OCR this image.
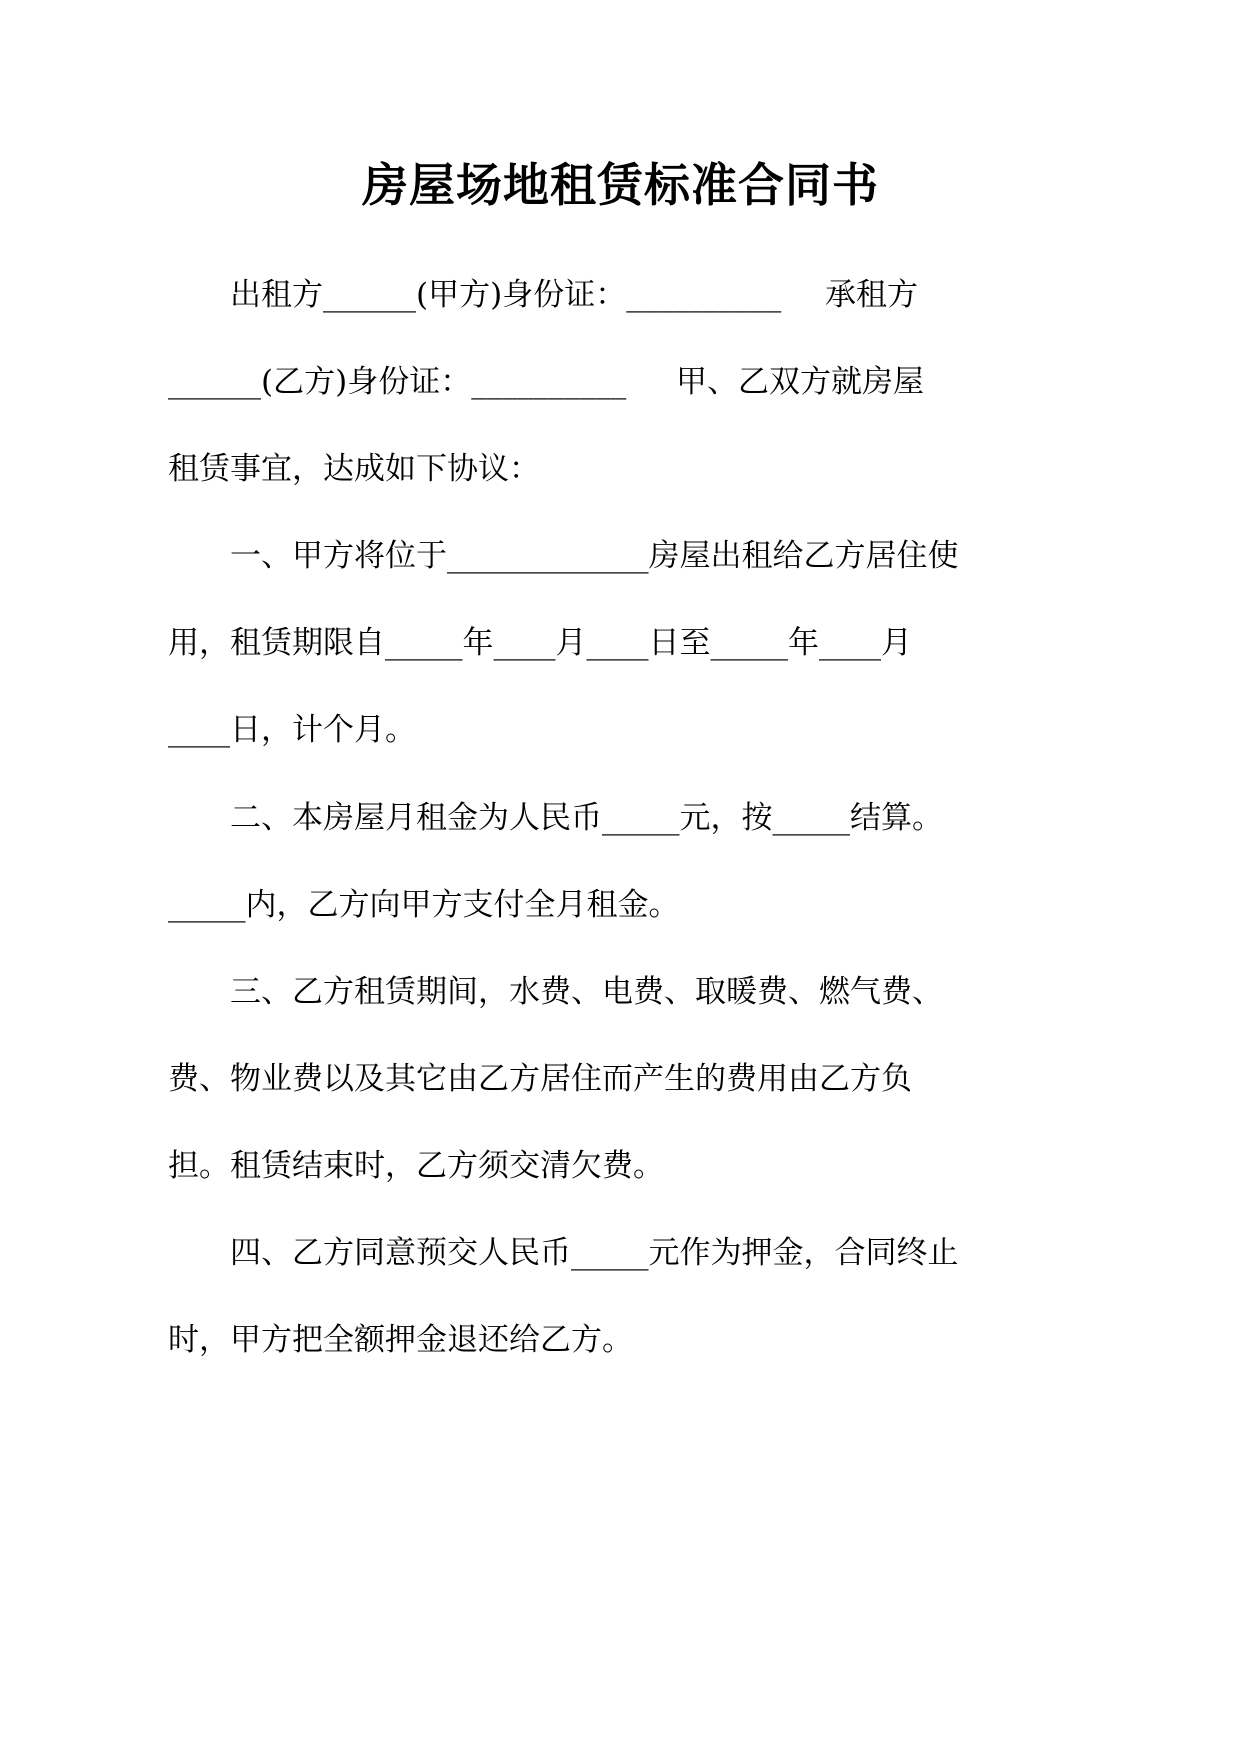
房屋场地租赁标准合同书
出租方______(甲方)身份证：__________ 承租方
______(乙方)身份证：__________ 甲、乙双方就房屋
租赁事宜，达成如下协议：
一、甲方将位于_____________房屋出租给乙方居住使
用，租赁期限自_____年____月____日至_____年____月
____日，计个月。
二、本房屋月租金为人民币_____元，按_____结算。
_____内，乙方向甲方支付全月租金。
三、乙方租赁期间，水费、电费、取暖费、燃气费、
费、物业费以及其它由乙方居住而产生的费用由乙方负
担。租赁结束时，乙方须交清欠费。
四、乙方同意预交人民币_____元作为押金，合同终止
时，甲方把全额押金退还给乙方。
